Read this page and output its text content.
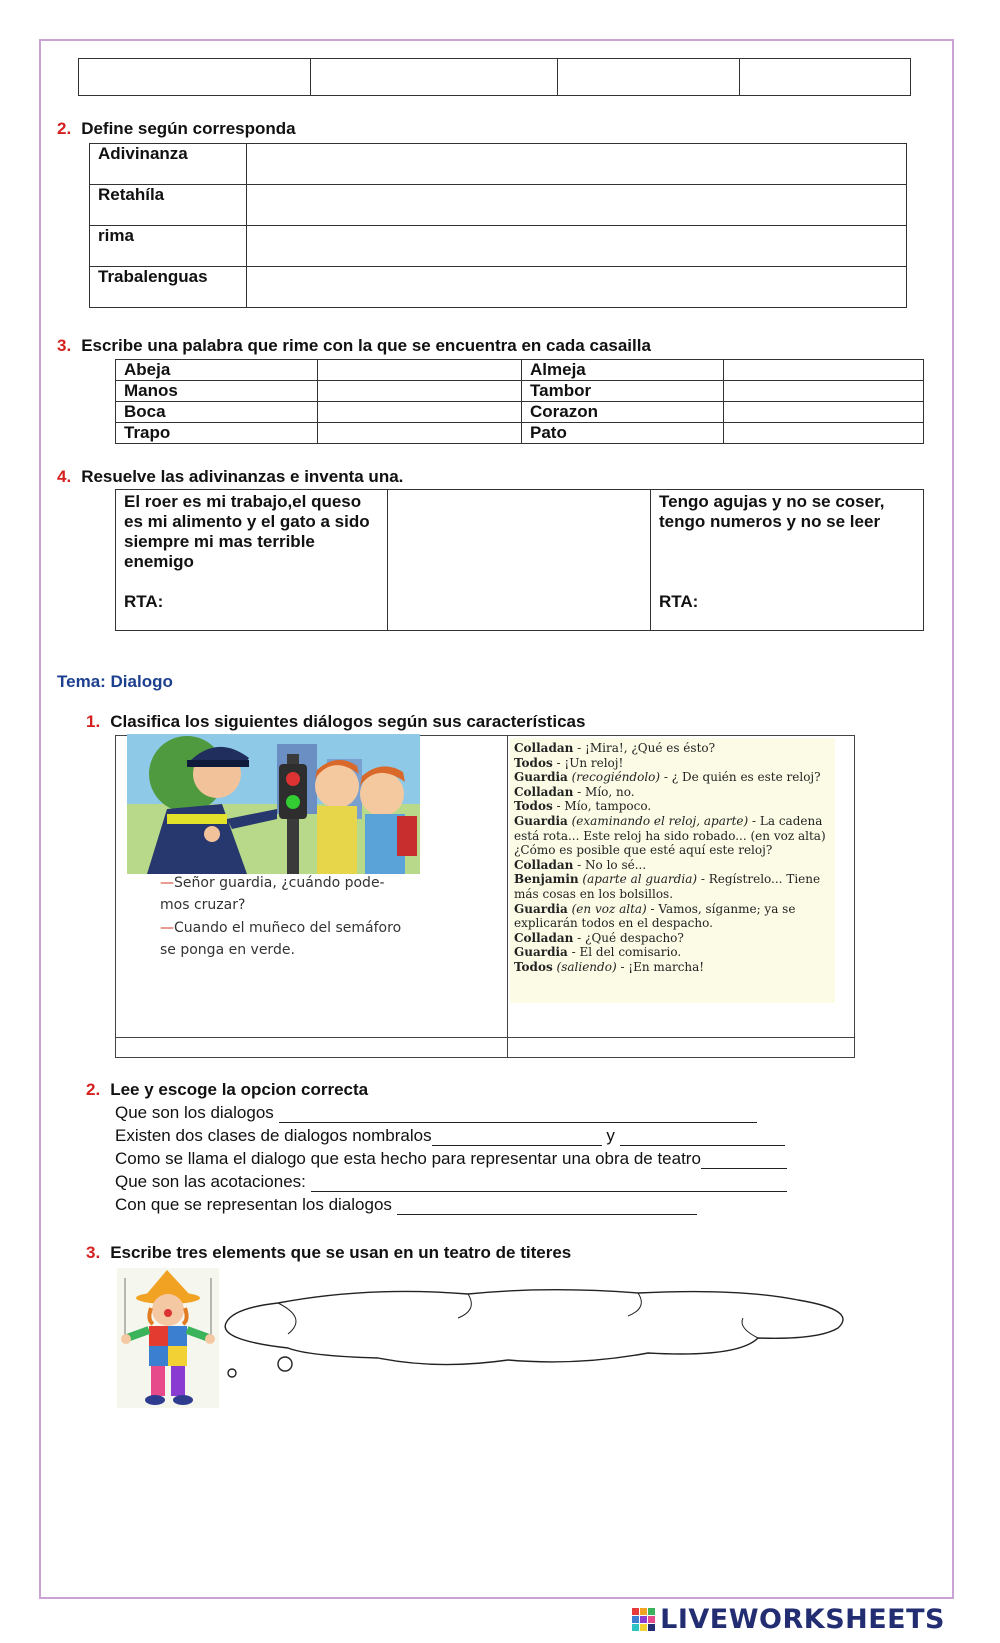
2. Define según corresponda
Adivinanza	
Retahíla	
rima	
Trabalenguas	
3. Escribe una palabra que rime con la que se encuentra en cada casailla
Abeja		Almeja	
Manos		Tambor	
Boca		Corazon	
Trapo		Pato	
4. Resuelve las adivinanzas e inventa una.
El roer es mi trabajo,el queso es mi alimento y el gato a sido siempre mi mas terrible enemigo
RTA:

Tengo agujas y no se coser, tengo numeros y no se leer
RTA:
Tema: Dialogo
1. Clasifica los siguientes diálogos según sus características
—Señor guardia, ¿cuándo pode- mos cruzar?
—Cuando el muñeco del semáforo se ponga en verde.
Colladan - ¡Mira!, ¿Qué es ésto?
Todos - ¡Un reloj!
Guardia (recogiéndolo) - ¿ De quién es este reloj?
Colladan - Mío, no.
Todos - Mío, tampoco.
Guardia (examinando el reloj, aparte) - La cadena está rota... Este reloj ha sido robado... (en voz alta) ¿Cómo es posible que esté aquí este reloj?
Colladan - No lo sé...
Benjamin (aparte al guardia) - Regístrelo... Tiene más cosas en los bolsillos.
Guardia (en voz alta) - Vamos, síganme; ya se explicarán todos en el despacho.
Colladan - ¿Qué despacho?
Guardia - El del comisario.
Todos (saliendo) - ¡En marcha!
2. Lee y escoge la opcion correcta
Que son los dialogos
Existen dos clases de dialogos nombralos	y
Como se llama el dialogo que esta hecho para representar una obra de teatro
Que son las acotaciones:
Con que se representan los dialogos
3. Escribe tres elements que se usan en un teatro de titeres
LIVEWORKSHEETS
